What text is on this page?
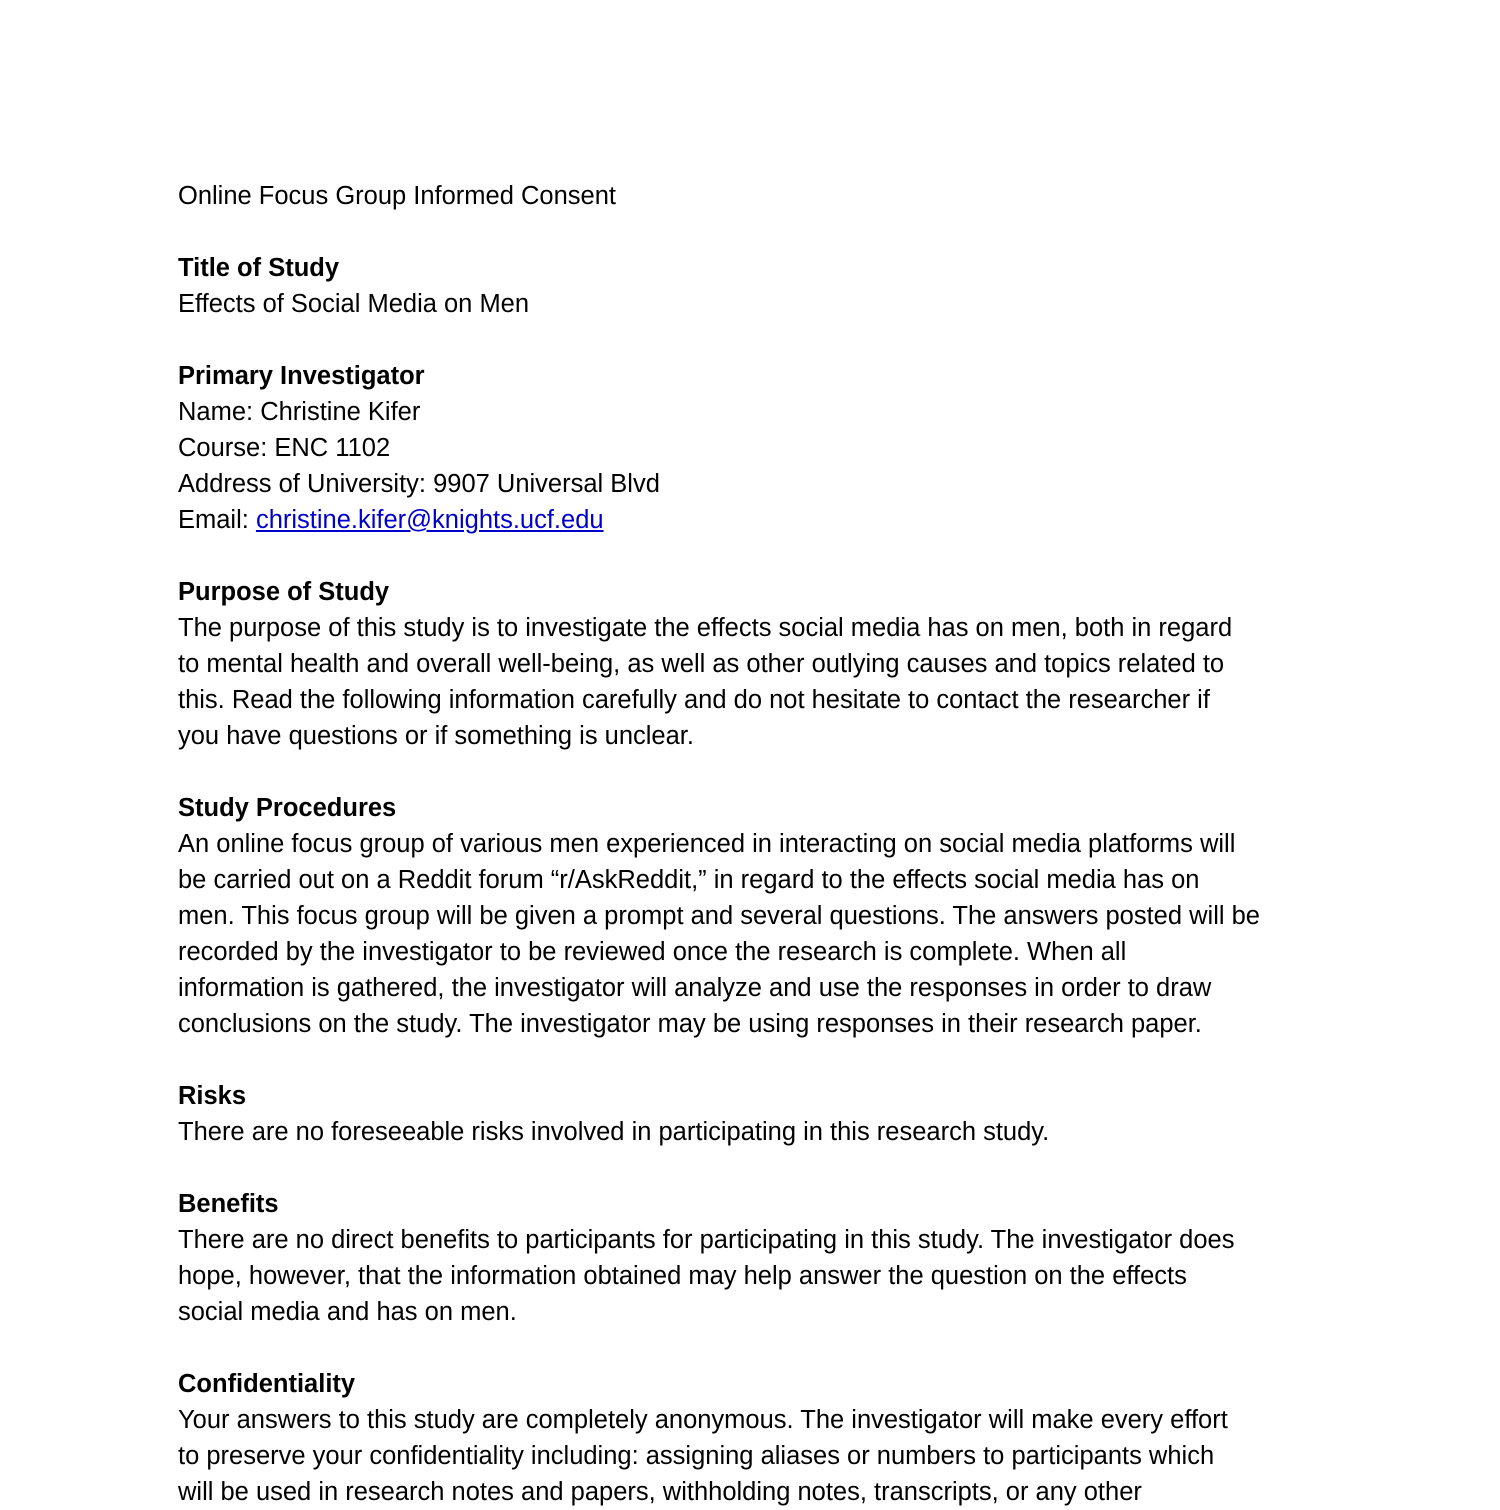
Online Focus Group Informed Consent
Title of Study
Effects of Social Media on Men
Primary Investigator
Name: Christine Kifer
Course: ENC 1102
Address of University: 9907 Universal Blvd
Email: christine.kifer@knights.ucf.edu
Purpose of Study
The purpose of this study is to investigate the effects social media has on men, both in regard
to mental health and overall well-being, as well as other outlying causes and topics related to
this. Read the following information carefully and do not hesitate to contact the researcher if
you have questions or if something is unclear.
Study Procedures
An online focus group of various men experienced in interacting on social media platforms will
be carried out on a Reddit forum “r/AskReddit,” in regard to the effects social media has on
men. This focus group will be given a prompt and several questions. The answers posted will be
recorded by the investigator to be reviewed once the research is complete. When all
information is gathered, the investigator will analyze and use the responses in order to draw
conclusions on the study. The investigator may be using responses in their research paper.
Risks
There are no foreseeable risks involved in participating in this research study.
Benefits
There are no direct benefits to participants for participating in this study. The investigator does
hope, however, that the information obtained may help answer the question on the effects
social media and has on men.
Confidentiality
Your answers to this study are completely anonymous. The investigator will make every effort
to preserve your confidentiality including: assigning aliases or numbers to participants which
will be used in research notes and papers, withholding notes, transcripts, or any other
